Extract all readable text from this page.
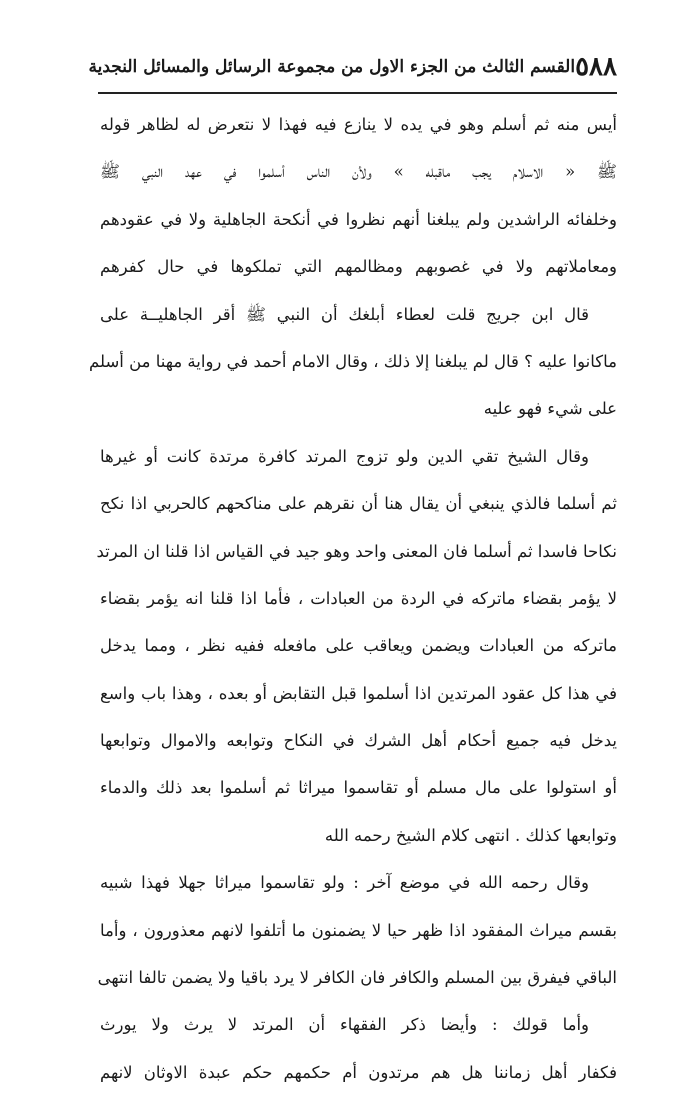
٥٨٨
القسم الثالث من الجزء الاول من مجموعة الرسائل والمسائل النجدية
أيس منه ثم أسلم وهو في يده لا ينازع فيه فهذا لا نتعرض له لظاهر قوله
ﷺ « الاسلام يجب ماقبله » ولأن الناس أسلموا في عهد النبي ﷺ
وخلفائه الراشدين ولم يبلغنا أنهم نظروا في أنكحة الجاهلية ولا في عقودهم
ومعاملاتهم ولا في غصوبهم ومظالمهم التي تملكوها في حال كفرهم
قال ابن جريج قلت لعطاء أبلغك أن النبي ﷺ أقر الجاهليــة على
ماكانوا عليه ؟ قال لم يبلغنا إلا ذلك ، وقال الامام أحمد في رواية مهنا من أسلم
على شيء فهو عليه
وقال الشيخ تقي الدين ولو تزوج المرتد كافرة مرتدة كانت أو غيرها
ثم أسلما فالذي ينبغي أن يقال هنا أن نقرهم على مناكحهم كالحربي اذا نكح
نكاحا فاسدا ثم أسلما فان المعنى واحد وهو جيد في القياس اذا قلنا ان المرتد
لا يؤمر بقضاء ماتركه في الردة من العبادات ، فأما اذا قلنا انه يؤمر بقضاء
ماتركه من العبادات ويضمن ويعاقب على مافعله ففيه نظر ، ومما يدخل
في هذا كل عقود المرتدين اذا أسلموا قبل التقابض أو بعده ، وهذا باب واسع
يدخل فيه جميع أحكام أهل الشرك في النكاح وتوابعه والاموال وتوابعها
أو استولوا على مال مسلم أو تقاسموا ميراثا ثم أسلموا بعد ذلك والدماء
وتوابعها كذلك . انتهى كلام الشيخ رحمه الله
وقال رحمه الله في موضع آخر : ولو تقاسموا ميراثا جهلا فهذا شبيه
بقسم ميراث المفقود اذا ظهر حيا لا يضمنون ما أتلفوا لانهم معذورون ، وأما
الباقي فيفرق بين المسلم والكافر فان الكافر لا يرد باقيا ولا يضمن تالفا انتهى
وأما قولك : وأيضا ذكر الفقهاء أن المرتد لا يرث ولا يورث
فكفار أهل زماننا هل هم مرتدون أم حكمهم حكم عبدة الاوثان لانهم
